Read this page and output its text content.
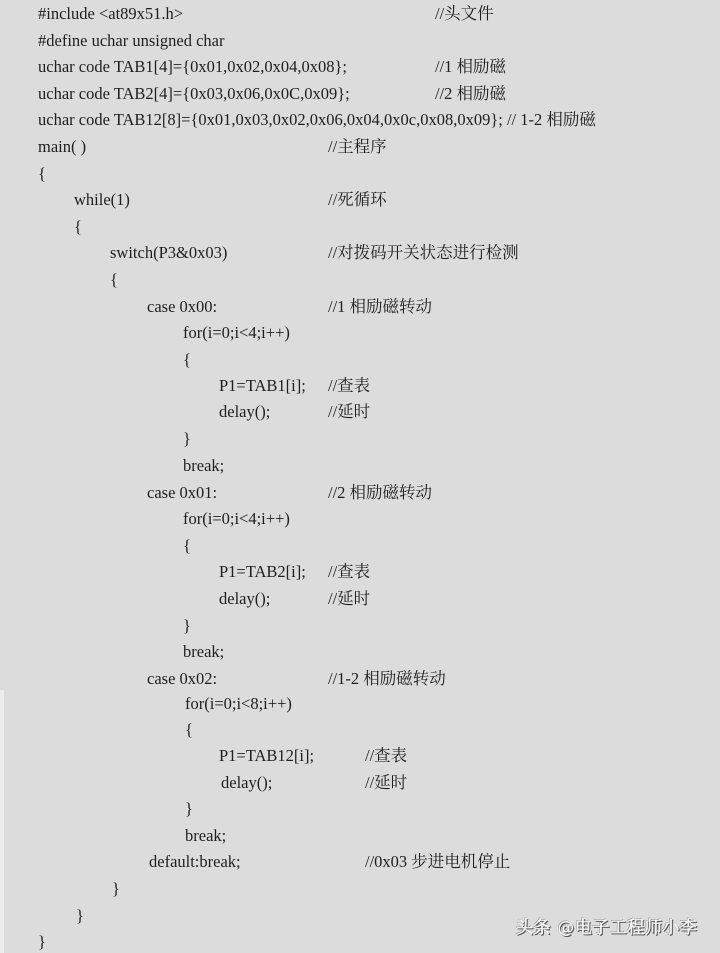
#include <at89x51.h>	//头文件
#define uchar unsigned char
uchar code TAB1[4]={0x01,0x02,0x04,0x08};	//1 相励磁
uchar code TAB2[4]={0x03,0x06,0x0C,0x09};	//2 相励磁
uchar code TAB12[8]={0x01,0x03,0x02,0x06,0x04,0x0c,0x08,0x09}; // 1-2 相励磁
main( )	//主程序
{
while(1)	//死循环
{
switch(P3&0x03)	//对拨码开关状态进行检测
{
case 0x00:	//1 相励磁转动
for(i=0;i<4;i++)
{
P1=TAB1[i]; //查表
delay();	//延时
}
break;
case 0x01:	//2 相励磁转动
for(i=0;i<4;i++)
{
P1=TAB2[i]; //查表
delay();	//延时
}
break;
case 0x02:	//1-2 相励磁转动
for(i=0;i<8;i++)
{
P1=TAB12[i];	//查表
delay();	//延时
}
break;
default:break;	//0x03 步进电机停止
}
}
}
头条 @电子工程师小李
